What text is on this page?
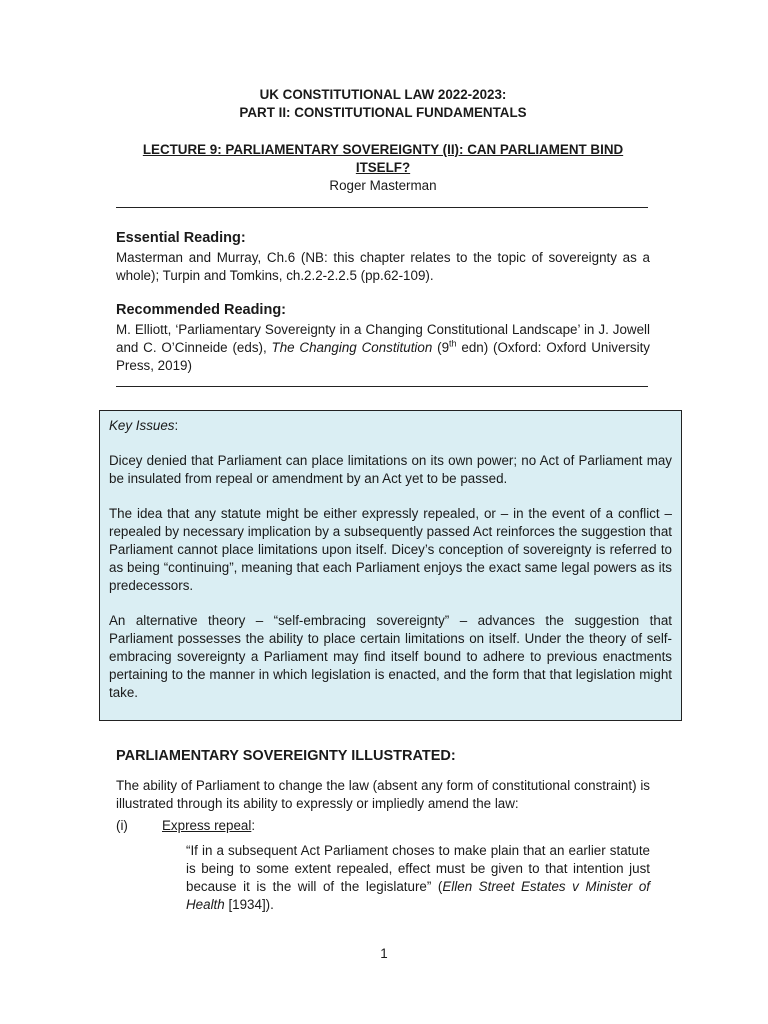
UK CONSTITUTIONAL LAW 2022-2023:
PART II: CONSTITUTIONAL FUNDAMENTALS
LECTURE 9: PARLIAMENTARY SOVEREIGNTY (II): CAN PARLIAMENT BIND ITSELF?
Roger Masterman
Essential Reading:
Masterman and Murray, Ch.6 (NB: this chapter relates to the topic of sovereignty as a whole); Turpin and Tomkins, ch.2.2-2.2.5 (pp.62-109).
Recommended Reading:
M. Elliott, ‘Parliamentary Sovereignty in a Changing Constitutional Landscape’ in J. Jowell and C. O’Cinneide (eds), The Changing Constitution (9th edn) (Oxford: Oxford University Press, 2019)

Key Issues:

Dicey denied that Parliament can place limitations on its own power; no Act of Parliament may be insulated from repeal or amendment by an Act yet to be passed.

The idea that any statute might be either expressly repealed, or – in the event of a conflict – repealed by necessary implication by a subsequently passed Act reinforces the suggestion that Parliament cannot place limitations upon itself. Dicey’s conception of sovereignty is referred to as being “continuing”, meaning that each Parliament enjoys the exact same legal powers as its predecessors.

An alternative theory – “self-embracing sovereignty” – advances the suggestion that Parliament possesses the ability to place certain limitations on itself. Under the theory of self-embracing sovereignty a Parliament may find itself bound to adhere to previous enactments pertaining to the manner in which legislation is enacted, and the form that that legislation might take.

PARLIAMENTARY SOVEREIGNTY ILLUSTRATED:

The ability of Parliament to change the law (absent any form of constitutional constraint) is illustrated through its ability to expressly or impliedly amend the law:

(i)	Express repeal:
“If in a subsequent Act Parliament choses to make plain that an earlier statute is being to some extent repealed, effect must be given to that intention just because it is the will of the legislature” (Ellen Street Estates v Minister of Health [1934]).
1
